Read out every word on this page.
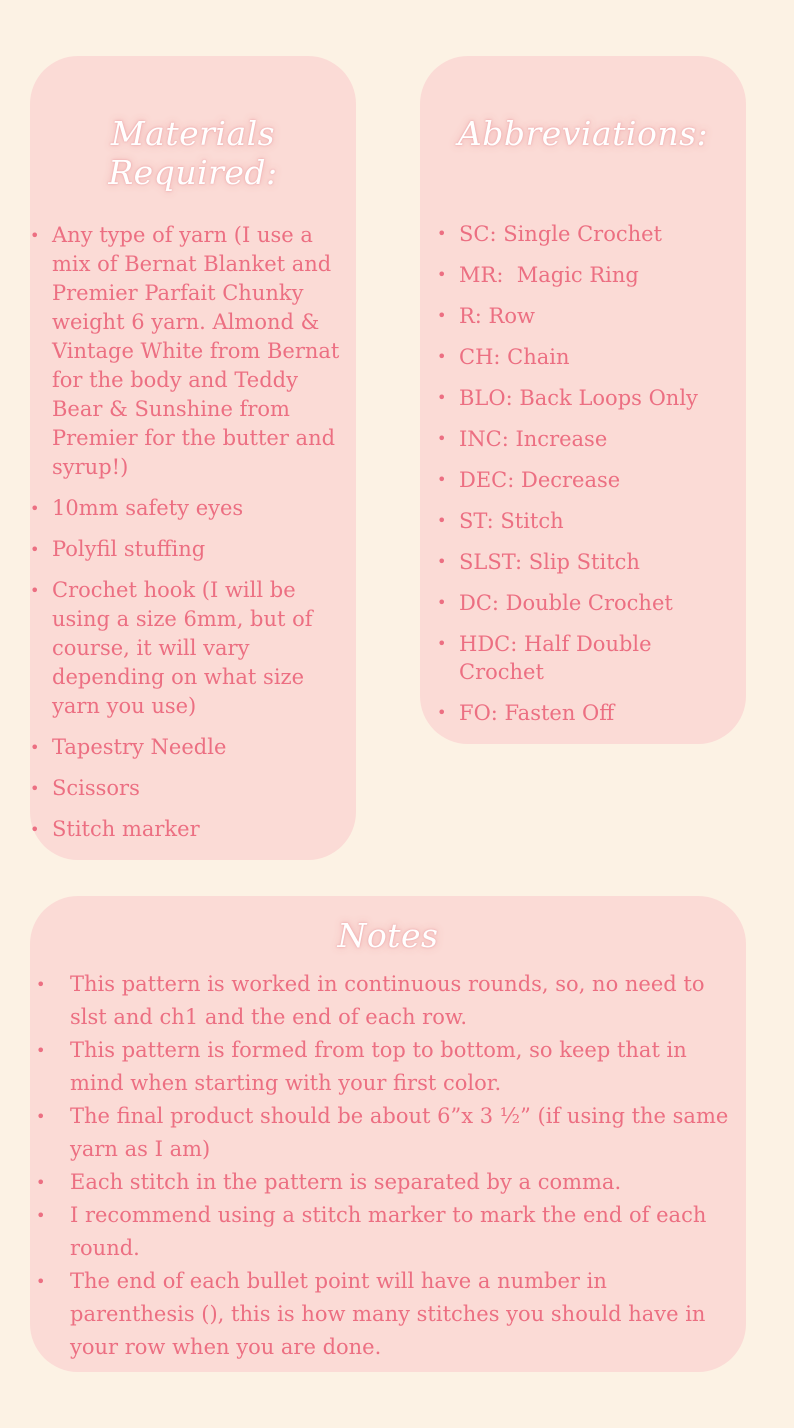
Materials Required:
• Any type of yarn (I use a mix of Bernat Blanket and Premier Parfait Chunky weight 6 yarn. Almond & Vintage White from Bernat for the body and Teddy Bear & Sunshine from Premier for the butter and syrup!)
• 10mm safety eyes
• Polyfil stuffing
• Crochet hook (I will be using a size 6mm, but of course, it will vary depending on what size yarn you use)
• Tapestry Needle
• Scissors
• Stitch marker
Abbreviations:
• SC: Single Crochet
• MR:  Magic Ring
• R: Row
• CH: Chain
• BLO: Back Loops Only
• INC: Increase
• DEC: Decrease
• ST: Stitch
• SLST: Slip Stitch
• DC: Double Crochet
• HDC: Half Double Crochet
• FO: Fasten Off
Notes
• This pattern is worked in continuous rounds, so, no need to slst and ch1 and the end of each row.
• This pattern is formed from top to bottom, so keep that in mind when starting with your first color.
• The final product should be about 6”x 3 ½” (if using the same yarn as I am)
• Each stitch in the pattern is separated by a comma.
• I recommend using a stitch marker to mark the end of each round.
• The end of each bullet point will have a number in parenthesis (), this is how many stitches you should have in your row when you are done.
